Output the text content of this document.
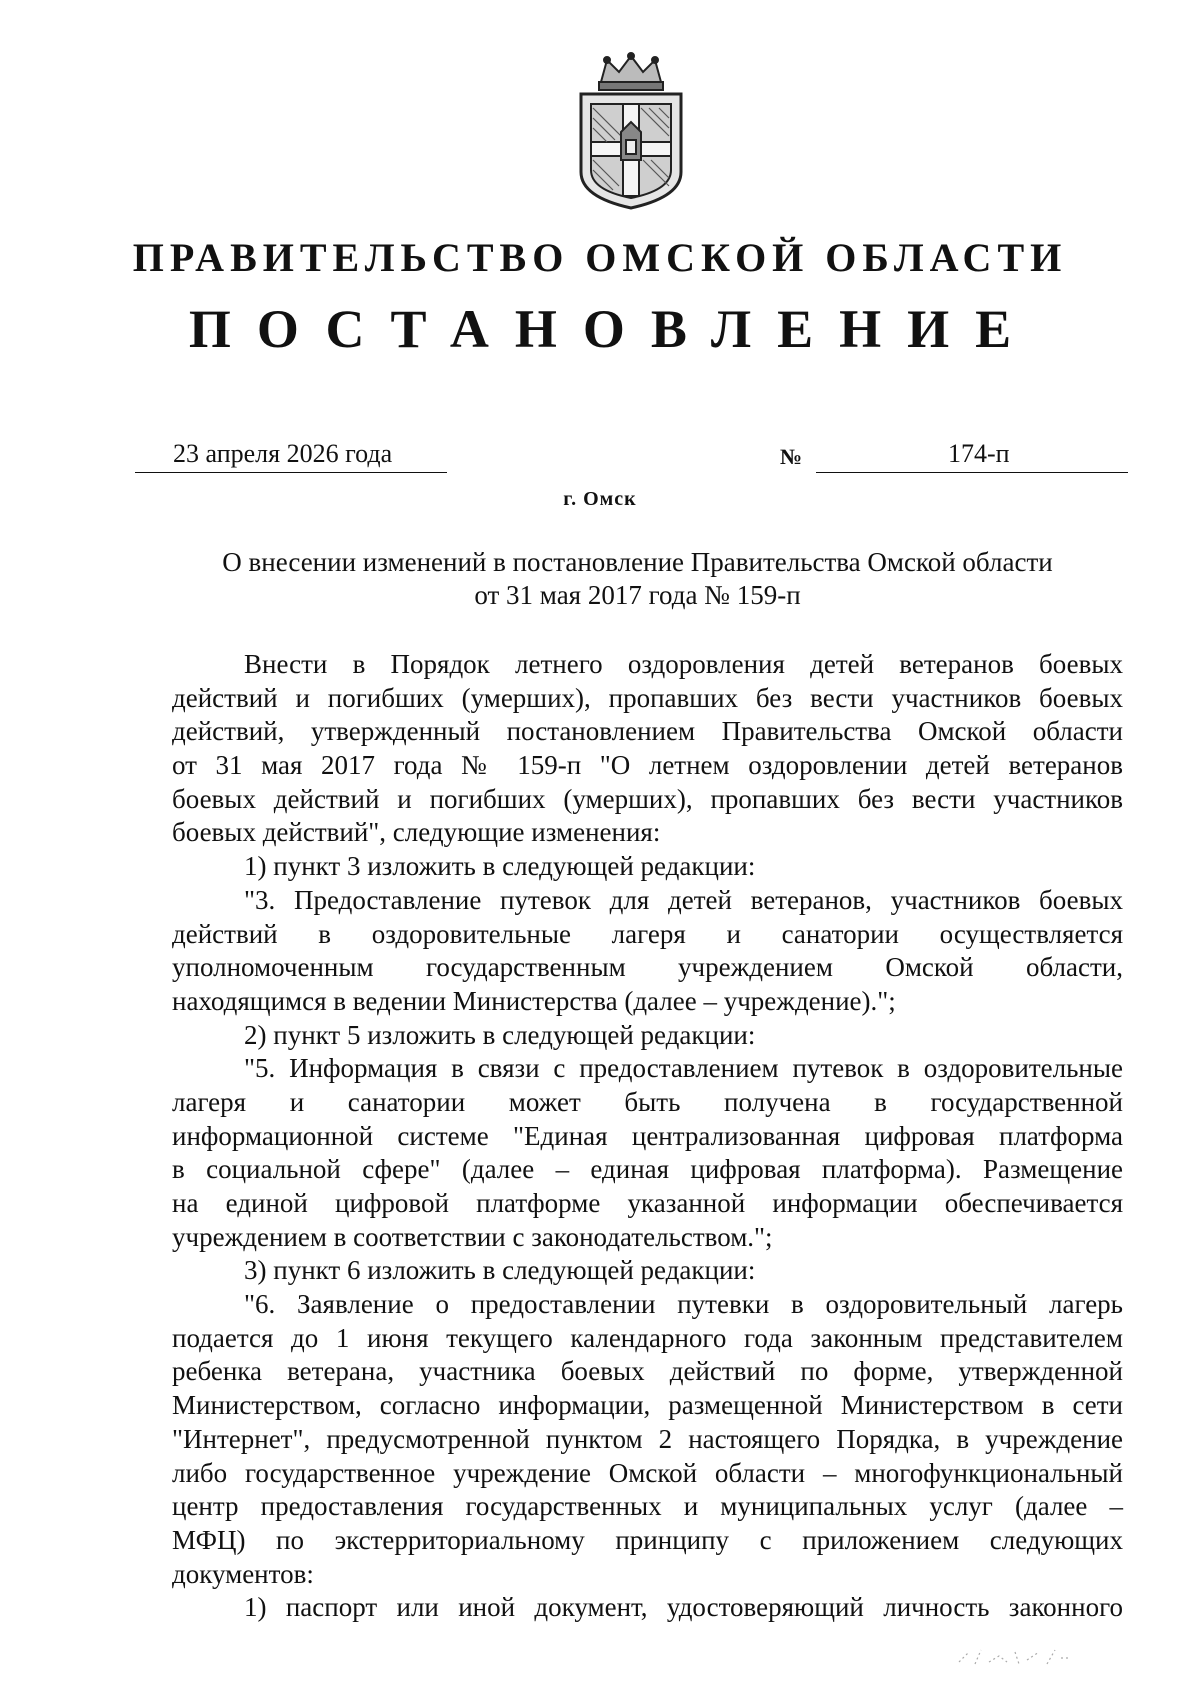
ПРАВИТЕЛЬСТВО ОМСКОЙ ОБЛАСТИ
ПОСТАНОВЛЕНИЕ
23 апреля 2026 года	№	174-п
г. Омск
О внесении изменений в постановление Правительства Омской области
от 31 мая 2017 года № 159-п
Внести в Порядок летнего оздоровления детей ветеранов боевых
действий и погибших (умерших), пропавших без вести участников боевых
действий, утвержденный постановлением Правительства Омской области
от 31 мая 2017 года № 159-п "О летнем оздоровлении детей ветеранов
боевых действий и погибших (умерших), пропавших без вести участников
боевых действий", следующие изменения:
1) пункт 3 изложить в следующей редакции:
"3. Предоставление путевок для детей ветеранов, участников боевых
действий в оздоровительные лагеря и санатории осуществляется
уполномоченным государственным учреждением Омской области,
находящимся в ведении Министерства (далее – учреждение).";
2) пункт 5 изложить в следующей редакции:
"5. Информация в связи с предоставлением путевок в оздоровительные
лагеря и санатории может быть получена в государственной
информационной системе "Единая централизованная цифровая платформа
в социальной сфере" (далее – единая цифровая платформа). Размещение
на единой цифровой платформе указанной информации обеспечивается
учреждением в соответствии с законодательством.";
3) пункт 6 изложить в следующей редакции:
"6. Заявление о предоставлении путевки в оздоровительный лагерь
подается до 1 июня текущего календарного года законным представителем
ребенка ветерана, участника боевых действий по форме, утвержденной
Министерством, согласно информации, размещенной Министерством в сети
"Интернет", предусмотренной пунктом 2 настоящего Порядка, в учреждение
либо государственное учреждение Омской области – многофункциональный
центр предоставления государственных и муниципальных услуг (далее –
МФЦ) по экстерриториальному принципу с приложением следующих
документов:
1) паспорт или иной документ, удостоверяющий личность законного
